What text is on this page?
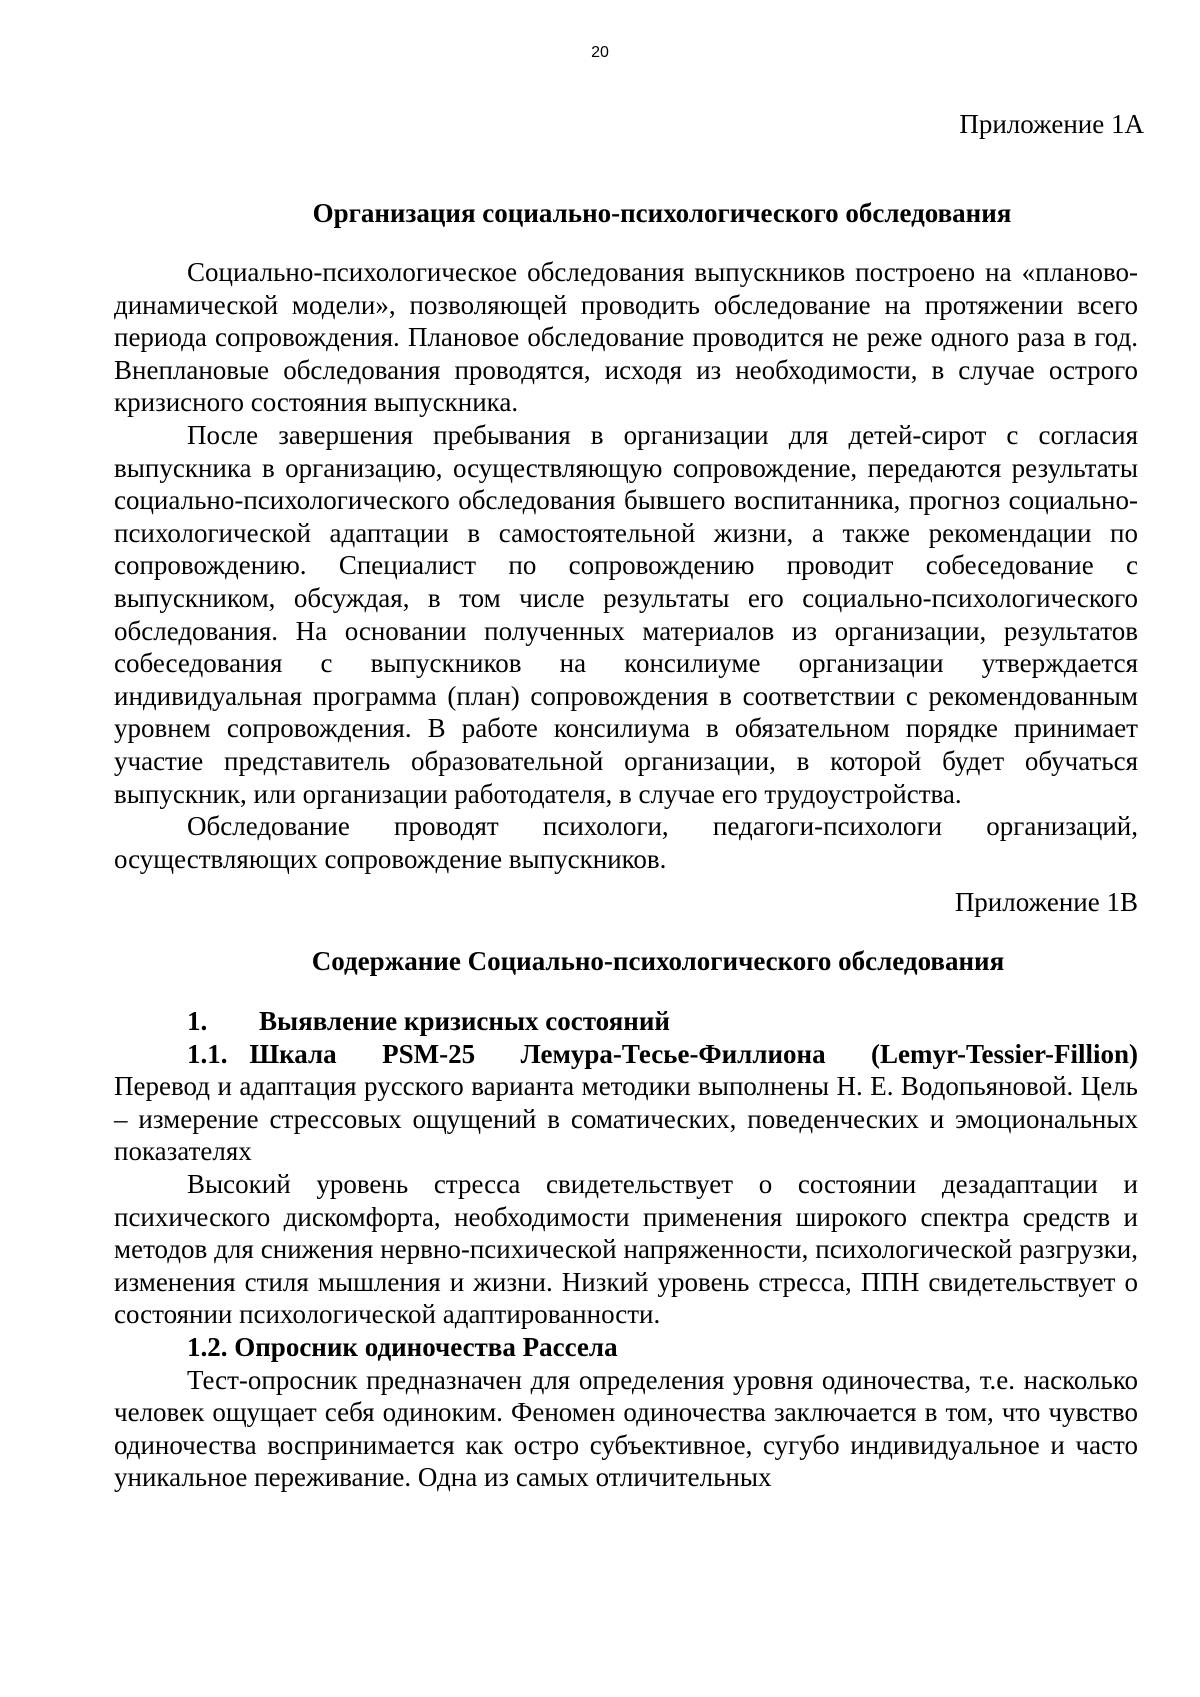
20
Приложение 1А
Организация социально-психологического обследования

Социально-психологическое обследования выпускников построено на «планово-динамической модели», позволяющей проводить обследование на протяжении всего периода сопровождения. Плановое обследование проводится не реже одного раза в год. Внеплановые обследования проводятся, исходя из необходимости, в случае острого кризисного состояния выпускника.

После завершения пребывания в организации для детей-сирот с согласия выпускника в организацию, осуществляющую сопровождение, передаются результаты социально-психологического обследования бывшего воспитанника, прогноз социально-психологической адаптации в самостоятельной жизни, а также рекомендации по сопровождению. Специалист по сопровождению проводит собеседование с выпускником, обсуждая, в том числе результаты его социально-психологического обследования. На основании полученных материалов из организации, результатов собеседования с выпускников на консилиуме организации утверждается индивидуальная программа (план) сопровождения в соответствии с рекомендованным уровнем сопровождения. В работе консилиума в обязательном порядке принимает участие представитель образовательной организации, в которой будет обучаться выпускник, или организации работодателя, в случае его трудоустройства.

Обследование проводят психологи, педагоги-психологи организаций, осуществляющих сопровождение выпускников.

Приложение 1В
Содержание Социально-психологического обследования
1. Выявление кризисных состояний
1.1. Шкала PSM-25 Лемура-Тесье-Филлиона (Lemyr-Tessier-Fillion)

Перевод и адаптация русского варианта методики выполнены Н. Е. Водопьяновой. Цель – измерение стрессовых ощущений в соматических, поведенческих и эмоциональных показателях

Высокий уровень стресса свидетельствует о состоянии дезадаптации и психического дискомфорта, необходимости применения широкого спектра средств и методов для снижения нервно-психической напряженности, психологической разгрузки, изменения стиля мышления и жизни. Низкий уровень стресса, ППН свидетельствует о состоянии психологической адаптированности.

1.2. Опросник одиночества Рассела

Тест-опросник предназначен для определения уровня одиночества, т.е. насколько человек ощущает себя одиноким. Феномен одиночества заключается в том, что чувство одиночества воспринимается как остро субъективное, сугубо индивидуальное и часто уникальное переживание. Одна из самых отличительных
